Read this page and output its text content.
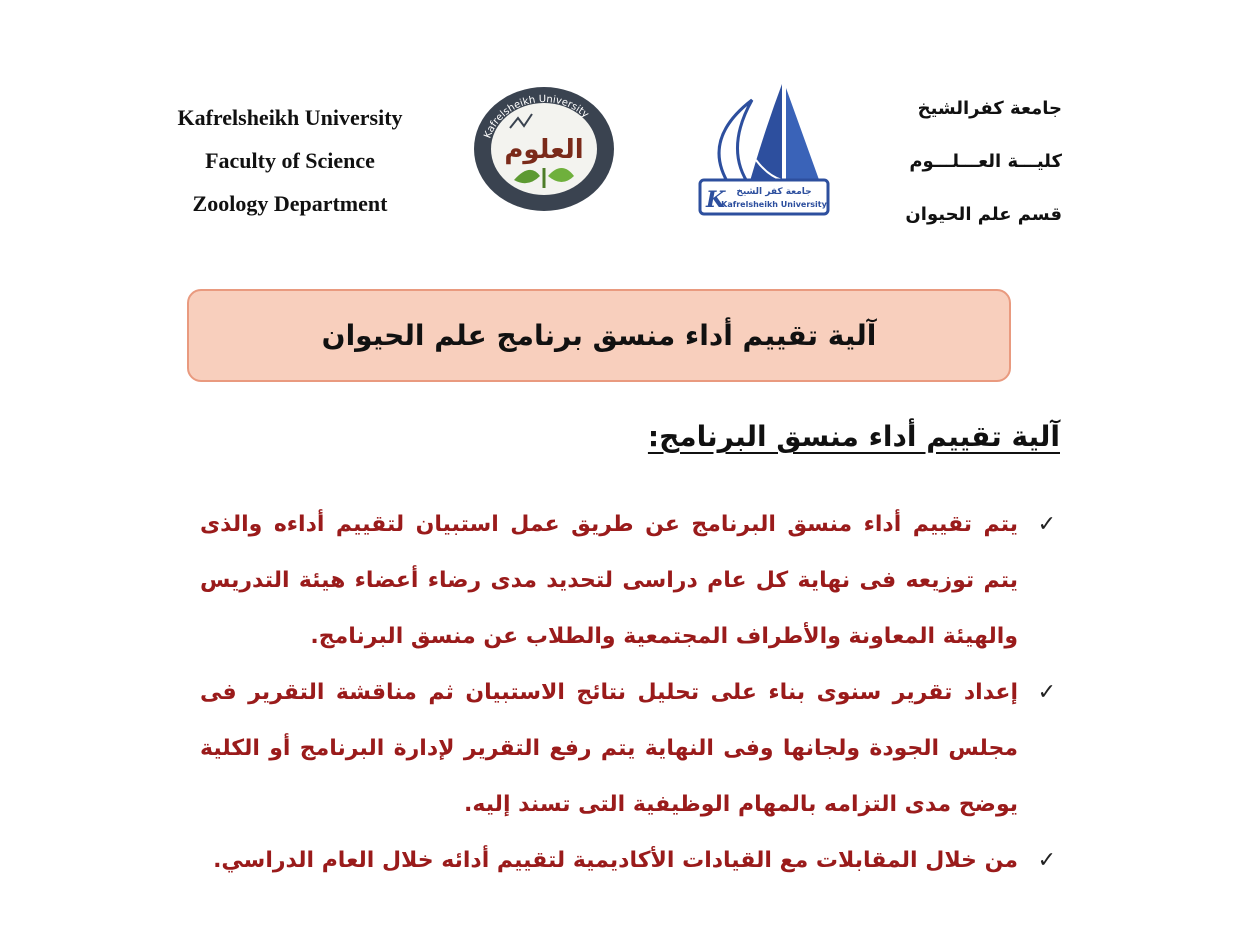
Kafrelsheikh University
Faculty of Science
Zoology Department
Kafrelsheikh University
العلوم
K جامعة كفر الشيخ
Kafrelsheikh University
جامعة كفرالشيخ
كليـــة العـــلـــوم
قسم علم الحيوان
آلية تقييم أداء منسق برنامج علم الحيوان
آلية تقييم أداء منسق البرنامج:
✓
يتم تقييم أداء منسق البرنامج عن طريق عمل استبيان لتقييم أداءه والذى يتم توزيعه فى نهاية كل عام دراسى لتحديد مدى رضاء أعضاء هيئة التدريس والهيئة المعاونة والأطراف المجتمعية والطلاب عن منسق البرنامج.
✓
إعداد تقرير سنوى بناء على تحليل نتائج الاستبيان ثم مناقشة التقرير فى مجلس الجودة ولجانها وفى النهاية يتم رفع التقرير لإدارة البرنامج أو الكلية يوضح مدى التزامه بالمهام الوظيفية التى تسند إليه.
✓
من خلال المقابلات مع القيادات الأكاديمية لتقييم أدائه خلال العام الدراسي.
